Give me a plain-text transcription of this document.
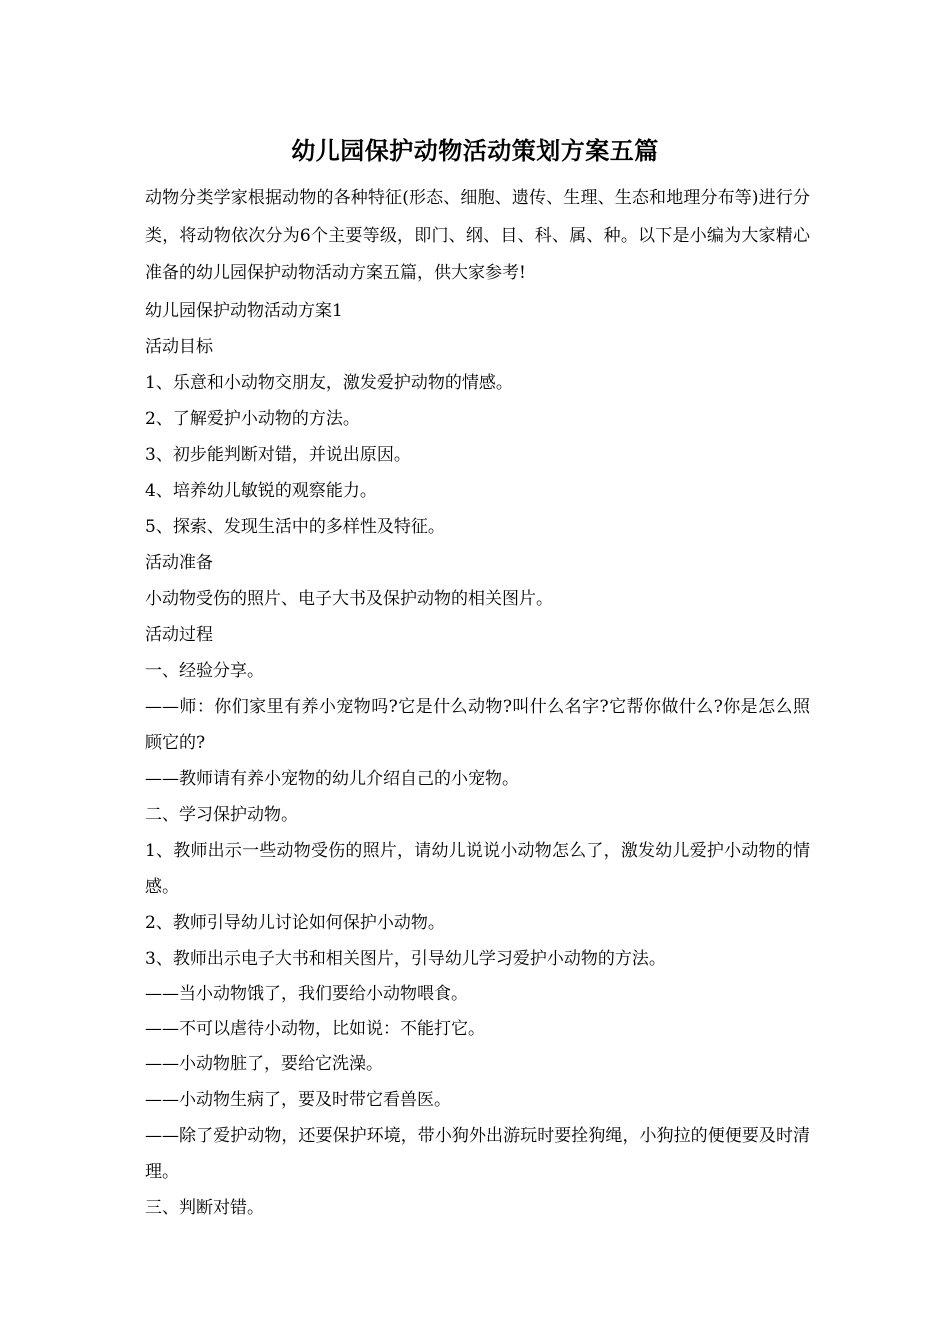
幼儿园保护动物活动策划方案五篇

动物分类学家根据动物的各种特征(形态、细胞、遗传、生理、生态和地理分布等)进行分类，将动物依次分为6个主要等级，即门、纲、目、科、属、种。以下是小编为大家精心准备的幼儿园保护动物活动方案五篇，供大家参考!

幼儿园保护动物活动方案1

活动目标

1、乐意和小动物交朋友，激发爱护动物的情感。

2、了解爱护小动物的方法。

3、初步能判断对错，并说出原因。

4、培养幼儿敏锐的观察能力。

5、探索、发现生活中的多样性及特征。

活动准备

小动物受伤的照片、电子大书及保护动物的相关图片。

活动过程

一、经验分享。

——师：你们家里有养小宠物吗?它是什么动物?叫什么名字?它帮你做什么?你是怎么照顾它的?

——教师请有养小宠物的幼儿介绍自己的小宠物。

二、学习保护动物。

1、教师出示一些动物受伤的照片，请幼儿说说小动物怎么了，激发幼儿爱护小动物的情感。

2、教师引导幼儿讨论如何保护小动物。

3、教师出示电子大书和相关图片，引导幼儿学习爱护小动物的方法。

——当小动物饿了，我们要给小动物喂食。

——不可以虐待小动物，比如说：不能打它。

——小动物脏了，要给它洗澡。

——小动物生病了，要及时带它看兽医。

——除了爱护动物，还要保护环境，带小狗外出游玩时要拴狗绳，小狗拉的便便要及时清理。

三、判断对错。
